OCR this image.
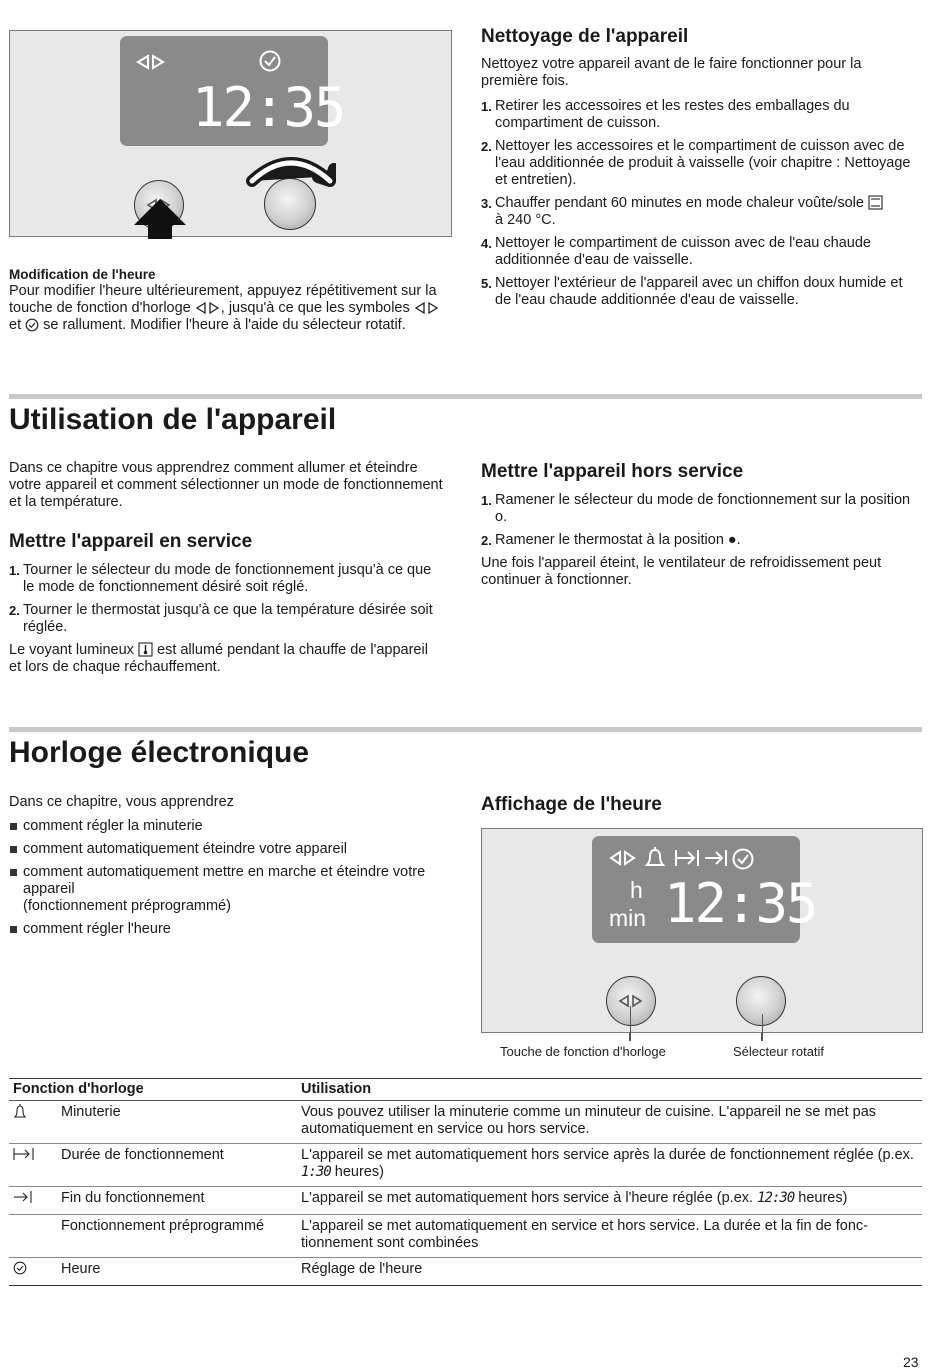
12:35

Modification de l'heure

Pour modifier l'heure ultérieurement, appuyez répétitivement sur la touche de fonction d'horloge , jusqu'à ce que les symboles  et se rallument. Modifier l'heure à l'aide du sélecteur rotatif.

Nettoyage de l'appareil

Nettoyez votre appareil avant de le faire fonctionner pour la première fois.

1. Retirer les accessoires et les restes des emballages du compartiment de cuisson.
2. Nettoyer les accessoires et le compartiment de cuisson avec de l'eau additionnée de produit à vaisselle (voir chapitre : Nettoyage et entretien).
3. Chauffer pendant 60 minutes en mode chaleur voûte/sole
à 240 °C.
4. Nettoyer le compartiment de cuisson avec de l'eau chaude additionnée d'eau de vaisselle.
5. Nettoyer l'extérieur de l'appareil avec un chiffon doux humide et de l'eau chaude additionnée d'eau de vaisselle.
Utilisation de l'appareil

Dans ce chapitre vous apprendrez comment allumer et éteindre votre appareil et comment sélectionner un mode de fonctionnement et la température.

Mettre l'appareil en service
1. Tourner le sélecteur du mode de fonctionnement jusqu'à ce que le mode de fonctionnement désiré soit réglé.
2. Tourner le thermostat jusqu'à ce que la température désirée soit réglée.

Le voyant lumineux est allumé pendant la chauffe de l'appareil et lors de chaque réchauffement.

Mettre l'appareil hors service
1. Ramener le sélecteur du mode de fonctionnement sur la position o.
2. Ramener le thermostat à la position ●.

Une fois l'appareil éteint, le ventilateur de refroidissement peut continuer à fonctionner.

Horloge électronique

Dans ce chapitre, vous apprendrez

comment régler la minuterie
comment automatiquement éteindre votre appareil
comment automatiquement mettre en marche et éteindre votre appareil
(fonctionnement préprogrammé)
comment régler l'heure
Affichage de l'heure
h
min 12:35
Touche de fonction d'horloge	Sélecteur rotatif
Fonction d'horloge		Utilisation
	Minuterie	Vous pouvez utiliser la minuterie comme un minuteur de cuisine. L'appareil ne se met pas automatiquement en service ou hors service.
	Durée de fonctionnement	L'appareil se met automatiquement hors service après la durée de fonctionnement réglée (p.ex. 1:30 heures)
	Fin du fonctionnement	L'appareil se met automatiquement hors service à l'heure réglée (p.ex. 12:30 heures)
	Fonctionnement préprogrammé	L'appareil se met automatiquement en service et hors service. La durée et la fin de fonc-tionnement sont combinées
	Heure	Réglage de l'heure
23
